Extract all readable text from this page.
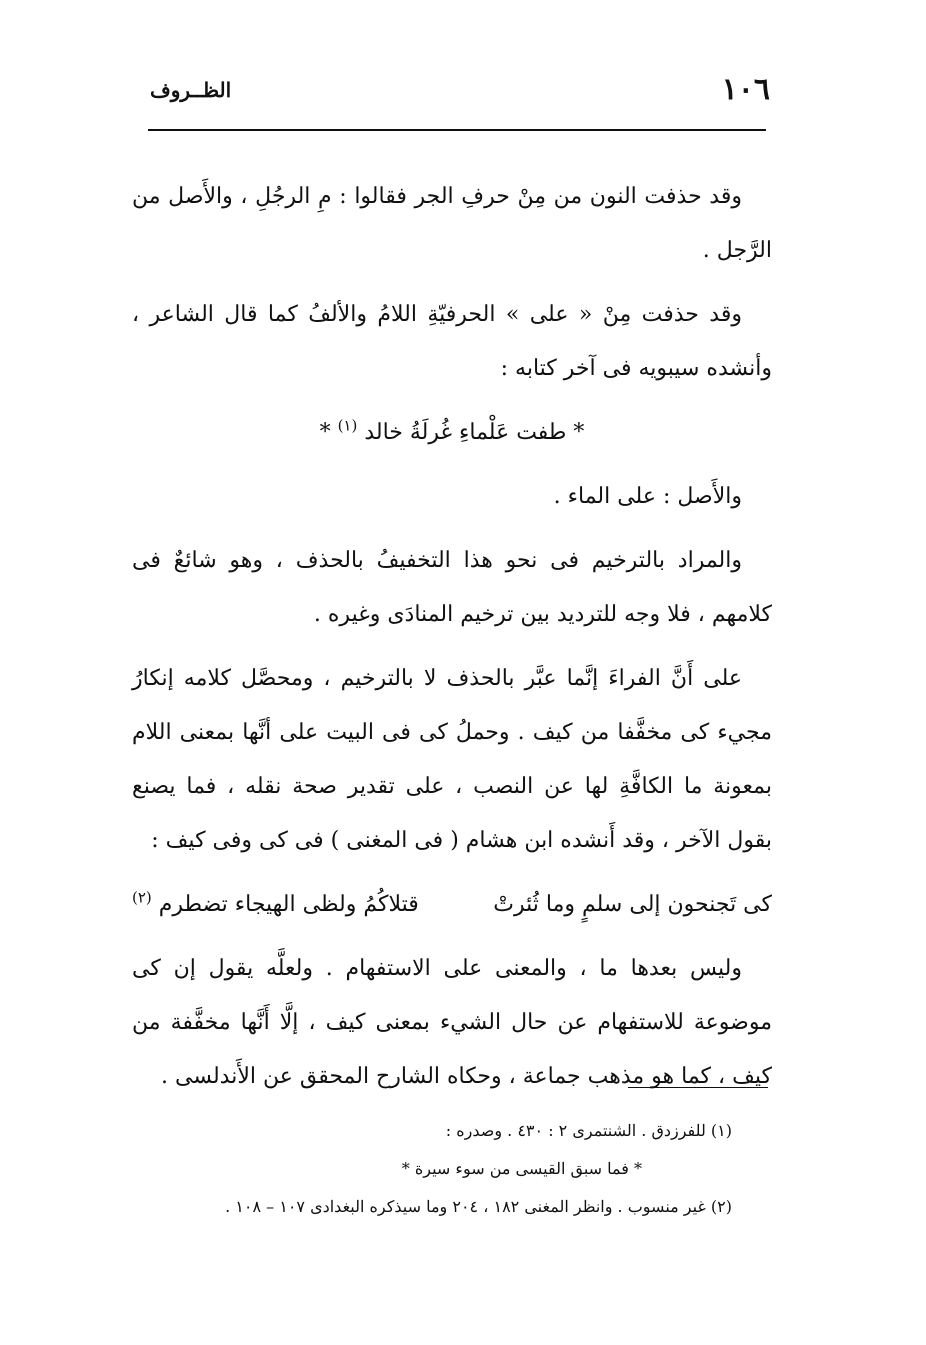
١٠٦
الظــروف

وقد حذفت النون من مِنْ حرفِ الجر فقالوا : مِ الرجُلِ ، والأَصل من الرَّجل .

وقد حذفت مِنْ « على » الحرفيّةِ اللامُ والألفُ كما قال الشاعر ، وأنشده سيبويه فى آخر كتابه :

* طفت عَلْماءِ غُرلَةُ خالد $^{(١)}$ *

والأَصل : على الماء .

والمراد بالترخيم فى نحو هذا التخفيفُ بالحذف ، وهو شائعٌ فى كلامهم ، فلا وجه للترديد بين ترخيم المنادَى وغيره .

على أَنَّ الفراءَ إنَّما عبَّر بالحذف لا بالترخيم ، ومحصَّل كلامه إنكارُ مجيء كى مخفَّفا من كيف . وحملُ كى فى البيت على أنَّها بمعنى اللام بمعونة ما الكافَّةِ لها عن النصب ، على تقدير صحة نقله ، فما يصنع بقول الآخر ، وقد أَنشده ابن هشام ( فى المغنى ) فى كى وفى كيف :

كى تَجنحون إلى سلمٍ وما ثُئرتْ
قتلاكُمُ ولظى الهيجاء تضطرم $^{(٢)}$

وليس بعدها ما ، والمعنى على الاستفهام . ولعلَّه يقول إن كى موضوعة للاستفهام عن حال الشيء بمعنى كيف ، إلَّا أَنَّها مخفَّفة من كيف ، كما هو مذهب جماعة ، وحكاه الشارح المحقق عن الأَندلسى .

(١) للفرزدق . الشنتمرى ٢ : ٤٣٠ . وصدره :

* فما سبق القيسى من سوء سيرة *

(٢) غير منسوب . وانظر المغنى ١٨٢ ، ٢٠٤ وما سيذكره البغدادى ١٠٧ – ١٠٨ .
